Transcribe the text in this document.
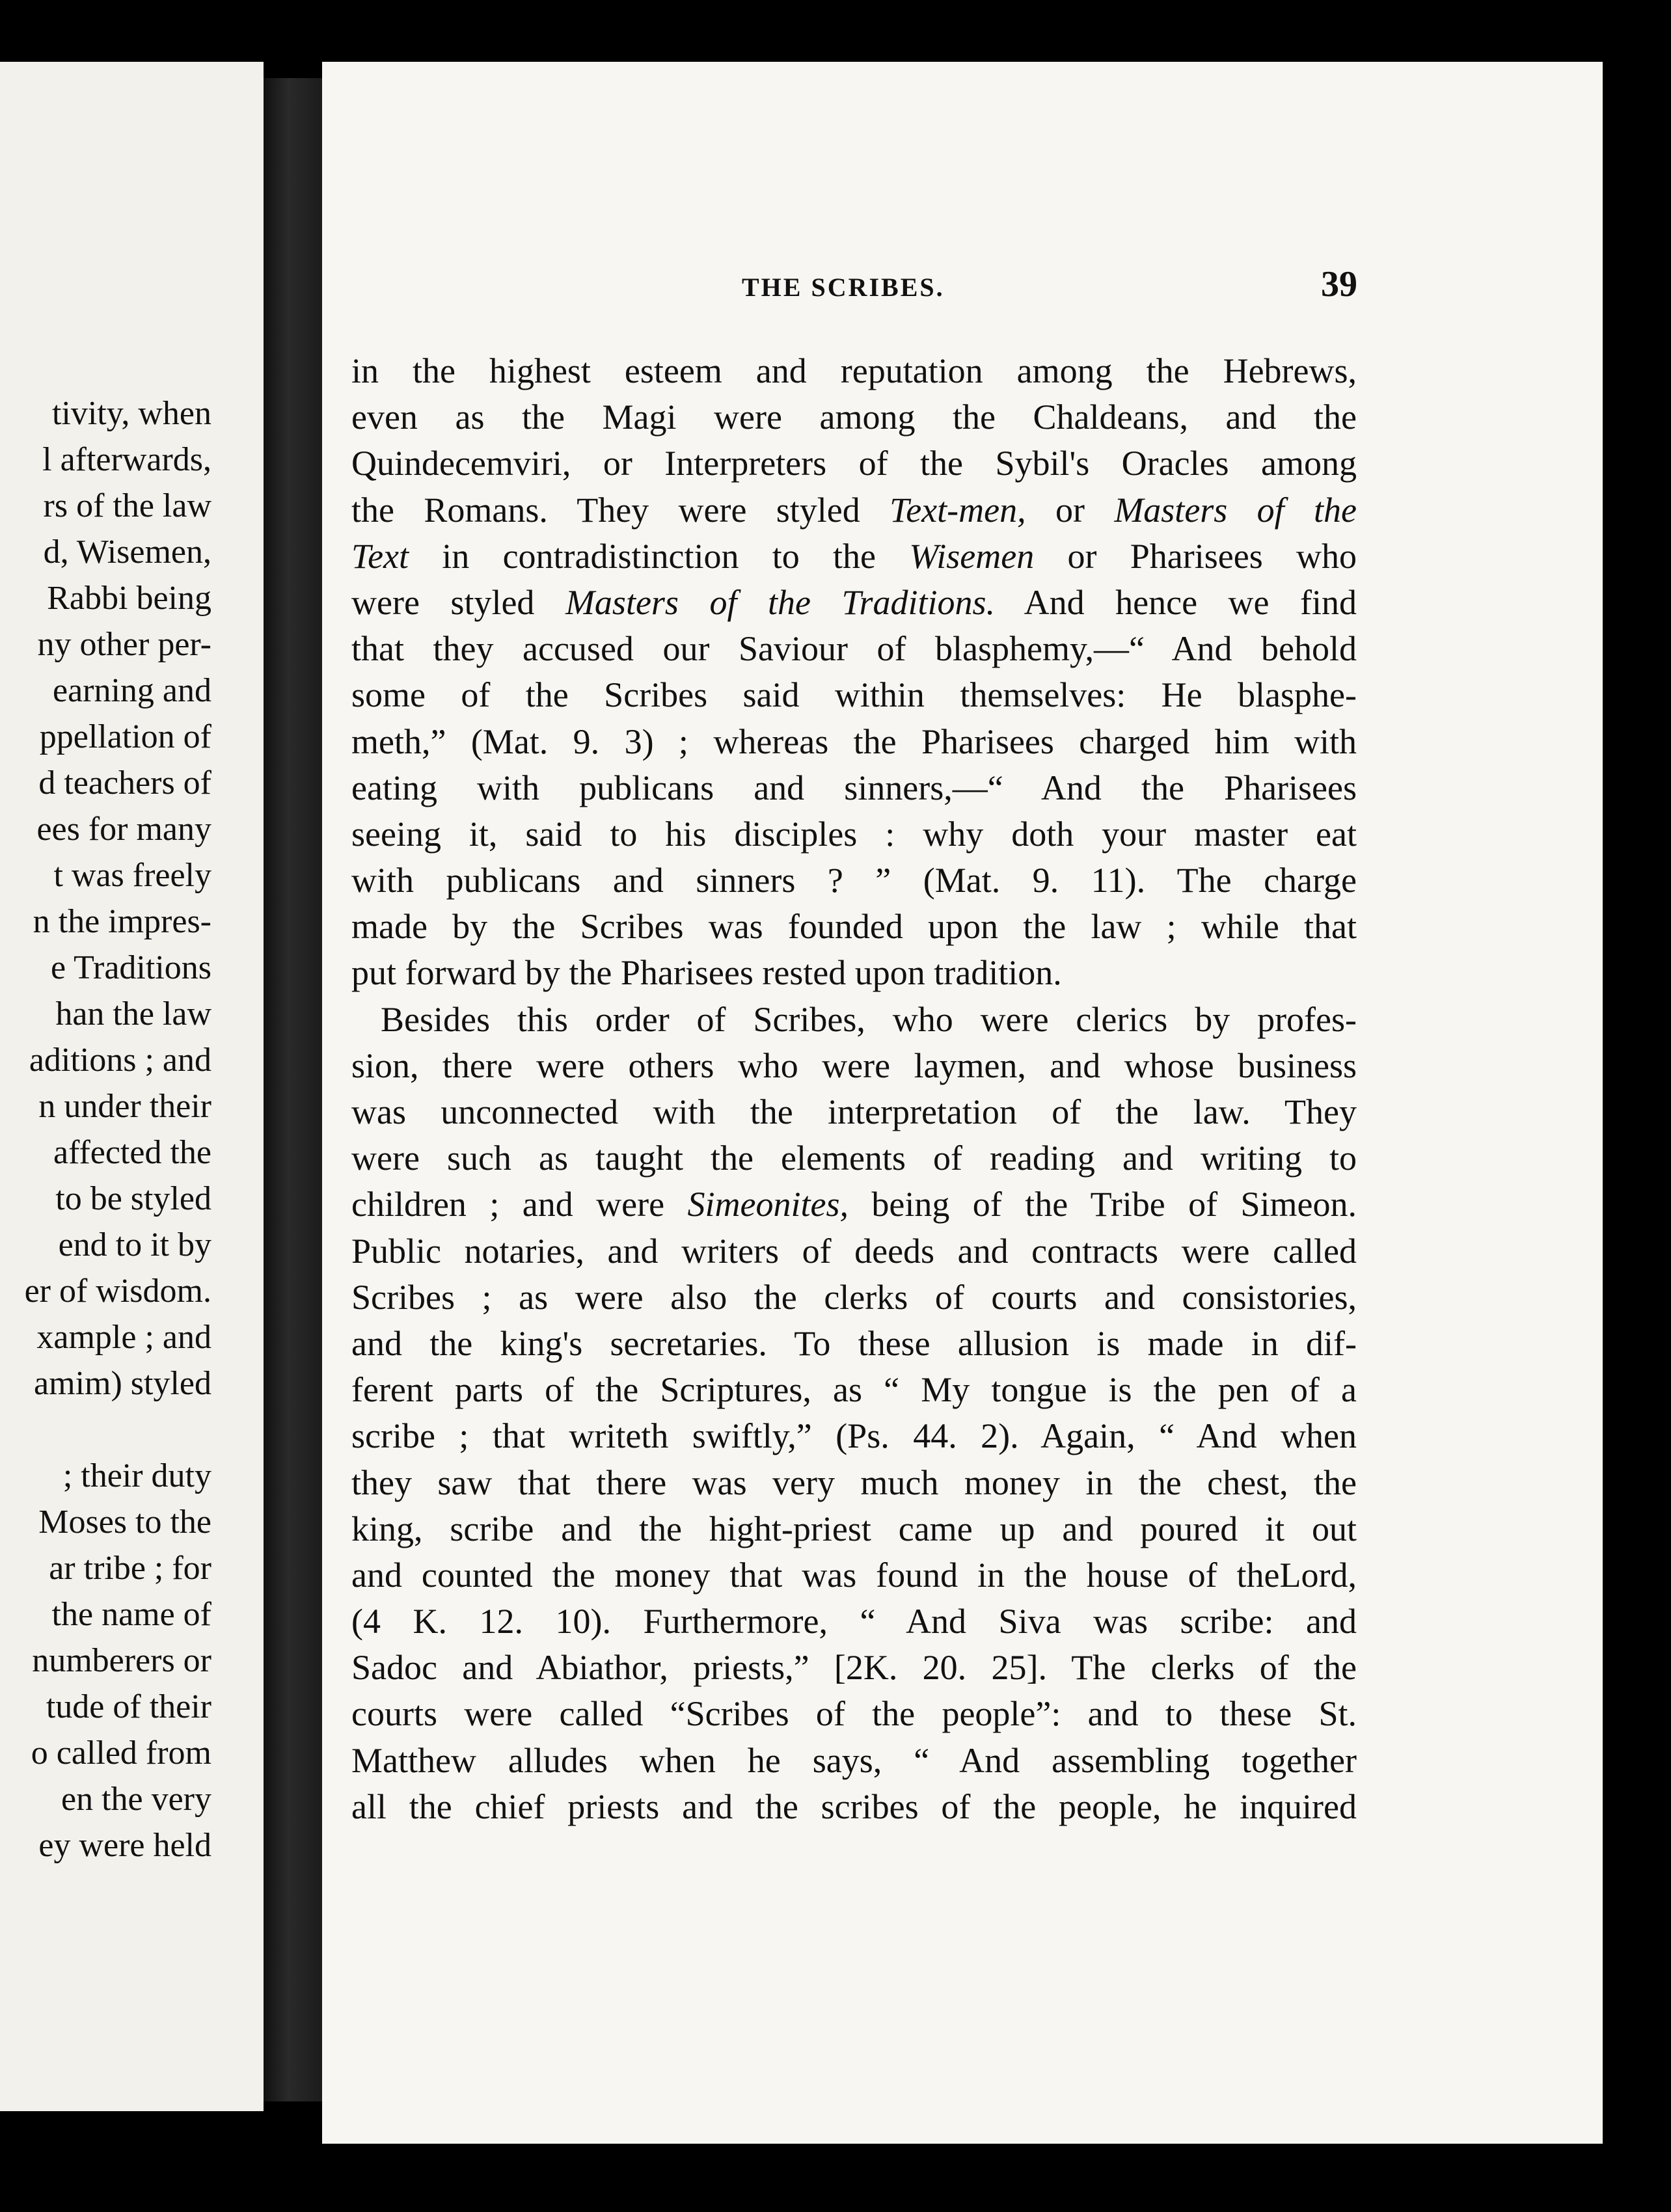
tivity, when
l afterwards,
rs of the law
d, Wisemen,
Rabbi being
ny other per-
earning and
ppellation of
d teachers of
ees for many
t was freely
n the impres-
e Traditions
han the law
aditions ; and
n under their
affected the
to be styled
end to it by
er of wisdom.
xample ; and
amim) styled
; their duty
Moses to the
ar tribe ; for
the name of
numberers or
tude of their
o called from
en the very
ey were held
THE SCRIBES.	39
in the highest esteem and reputation among the Hebrews,
even as the Magi were among the Chaldeans, and the
Quindecemviri, or Interpreters of the Sybil's Oracles among
the Romans. They were styled Text-men, or Masters of the
Text in contradistinction to the Wisemen or Pharisees who
were styled Masters of the Traditions. And hence we find
that they accused our Saviour of blasphemy,—“ And behold
some of the Scribes said within themselves: He blasphe-
meth,” (Mat. 9. 3) ; whereas the Pharisees charged him with
eating with publicans and sinners,—“ And the Pharisees
seeing it, said to his disciples : why doth your master eat
with publicans and sinners ? ” (Mat. 9. 11). The charge
made by the Scribes was founded upon the law ; while that
put forward by the Pharisees rested upon tradition.
Besides this order of Scribes, who were clerics by profes-
sion, there were others who were laymen, and whose business
was unconnected with the interpretation of the law. They
were such as taught the elements of reading and writing to
children ; and were Simeonites, being of the Tribe of Simeon.
Public notaries, and writers of deeds and contracts were called
Scribes ; as were also the clerks of courts and consistories,
and the king's secretaries. To these allusion is made in dif-
ferent parts of the Scriptures, as “ My tongue is the pen of a
scribe ; that writeth swiftly,” (Ps. 44. 2). Again, “ And when
they saw that there was very much money in the chest, the
king, scribe and the hight-priest came up and poured it out
and counted the money that was found in the house of theLord,
(4 K. 12. 10). Furthermore, “ And Siva was scribe: and
Sadoc and Abiathor, priests,” [2K. 20. 25]. The clerks of the
courts were called “Scribes of the people”: and to these St.
Matthew alludes when he says, “ And assembling together
all the chief priests and the scribes of the people, he inquired
